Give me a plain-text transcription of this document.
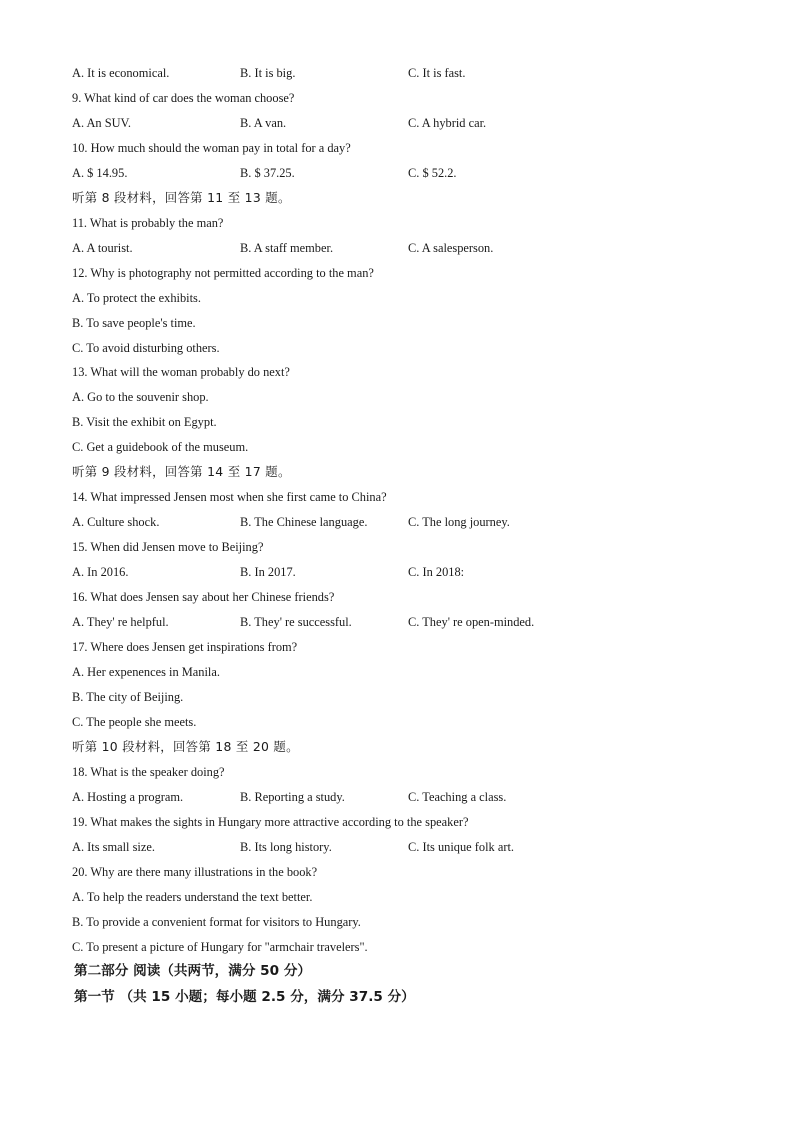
A. It is economical.	B. It is big.	C. It is fast.
9. What kind of car does the woman choose?
A. An SUV.	B. A van.	C. A hybrid car.
10. How much should the woman pay in total for a day?
A. $ 14.95.	B. $ 37.25.	C. $ 52.2.
听第 8 段材料，回答第 11 至 13 题。
11. What is probably the man?
A. A tourist.	B. A staff member.	C. A salesperson.
12. Why is photography not permitted according to the man?
A. To protect the exhibits.
B. To save people's time.
C. To avoid disturbing others.
13. What will the woman probably do next?
A. Go to the souvenir shop.
B. Visit the exhibit on Egypt.
C. Get a guidebook of the museum.
听第 9 段材料，回答第 14 至 17 题。
14. What impressed Jensen most when she first came to China?
A. Culture shock.	B. The Chinese language.	C. The long journey.
15. When did Jensen move to Beijing?
A. In 2016.	B. In 2017.	C. In 2018:
16. What does Jensen say about her Chinese friends?
A. They' re helpful.	B. They' re successful.	C. They' re open-minded.
17. Where does Jensen get inspirations from?
A. Her expenences in Manila.
B. The city of Beijing.
C. The people she meets.
听第 10 段材料，回答第 18 至 20 题。
18. What is the speaker doing?
A. Hosting a program.	B. Reporting a study.	C. Teaching a class.
19. What makes the sights in Hungary more attractive according to the speaker?
A. Its small size.	B. Its long history.	C. Its unique folk art.
20. Why are there many illustrations in the book?
A. To help the readers understand the text better.
B. To provide a convenient format for visitors to Hungary.
C. To present a picture of Hungary for "armchair travelers".
第二部分 阅读（共两节，满分 50 分）
第一节 （共 15 小题；每小题 2.5 分，满分 37.5 分）
